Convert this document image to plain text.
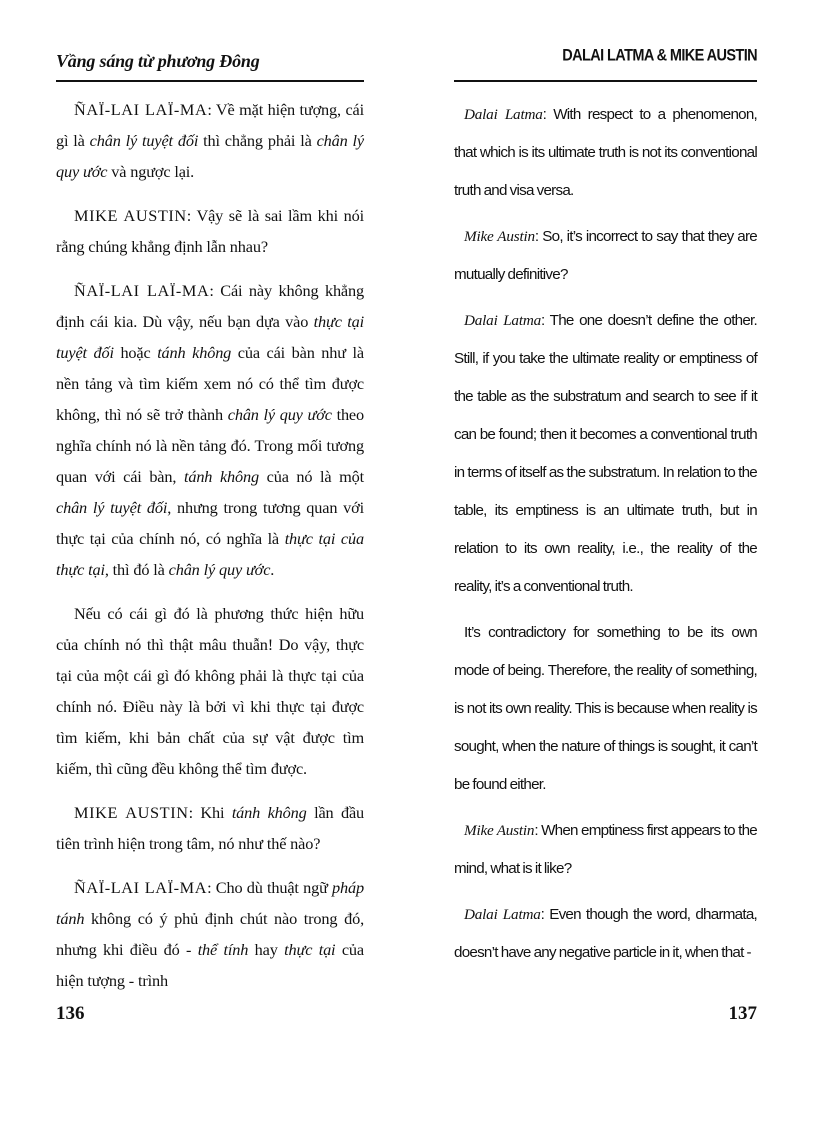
Vầng sáng từ phương Đông

ÑAÏ-LAI LAÏ-MA: Về mặt hiện tượng, cái gì là chân lý tuyệt đối thì chẳng phải là chân lý quy ước và ngược lại.

MIKE AUSTIN: Vậy sẽ là sai lầm khi nói rằng chúng khẳng định lẫn nhau?

ÑAÏ-LAI LAÏ-MA: Cái này không khẳng định cái kia. Dù vậy, nếu bạn dựa vào thực tại tuyệt đối hoặc tánh không của cái bàn như là nền tảng và tìm kiếm xem nó có thể tìm được không, thì nó sẽ trở thành chân lý quy ước theo nghĩa chính nó là nền tảng đó. Trong mối tương quan với cái bàn, tánh không của nó là một chân lý tuyệt đối, nhưng trong tương quan với thực tại của chính nó, có nghĩa là thực tại của thực tại, thì đó là chân lý quy ước.

Nếu có cái gì đó là phương thức hiện hữu của chính nó thì thật mâu thuẫn! Do vậy, thực tại của một cái gì đó không phải là thực tại của chính nó. Điều này là bởi vì khi thực tại được tìm kiếm, khi bản chất của sự vật được tìm kiếm, thì cũng đều không thể tìm được.

MIKE AUSTIN: Khi tánh không lần đầu tiên trình hiện trong tâm, nó như thế nào?

ÑAÏ-LAI LAÏ-MA: Cho dù thuật ngữ pháp tánh không có ý phủ định chút nào trong đó, nhưng khi điều đó - thể tính hay thực tại của hiện tượng - trình

136
DALAI LATMA & MIKE AUSTIN

Dalai Latma: With respect to a phenomenon, that which is its ultimate truth is not its conventional truth and visa versa.

Mike Austin: So, it’s incorrect to say that they are mutually definitive?

Dalai Latma: The one doesn’t define the other. Still, if you take the ultimate reality or emptiness of the table as the substratum and search to see if it can be found; then it becomes a conventional truth in terms of itself as the substratum. In relation to the table, its emptiness is an ultimate truth, but in relation to its own reality, i.e., the reality of the reality, it’s a conventional truth.

It’s contradictory for something to be its own mode of being. Therefore, the reality of something, is not its own reality. This is because when reality is sought, when the nature of things is sought, it can’t be found either.

Mike Austin: When emptiness first appears to the mind, what is it like?

Dalai Latma: Even though the word, dharmata, doesn’t have any negative particle in it, when that -

137
